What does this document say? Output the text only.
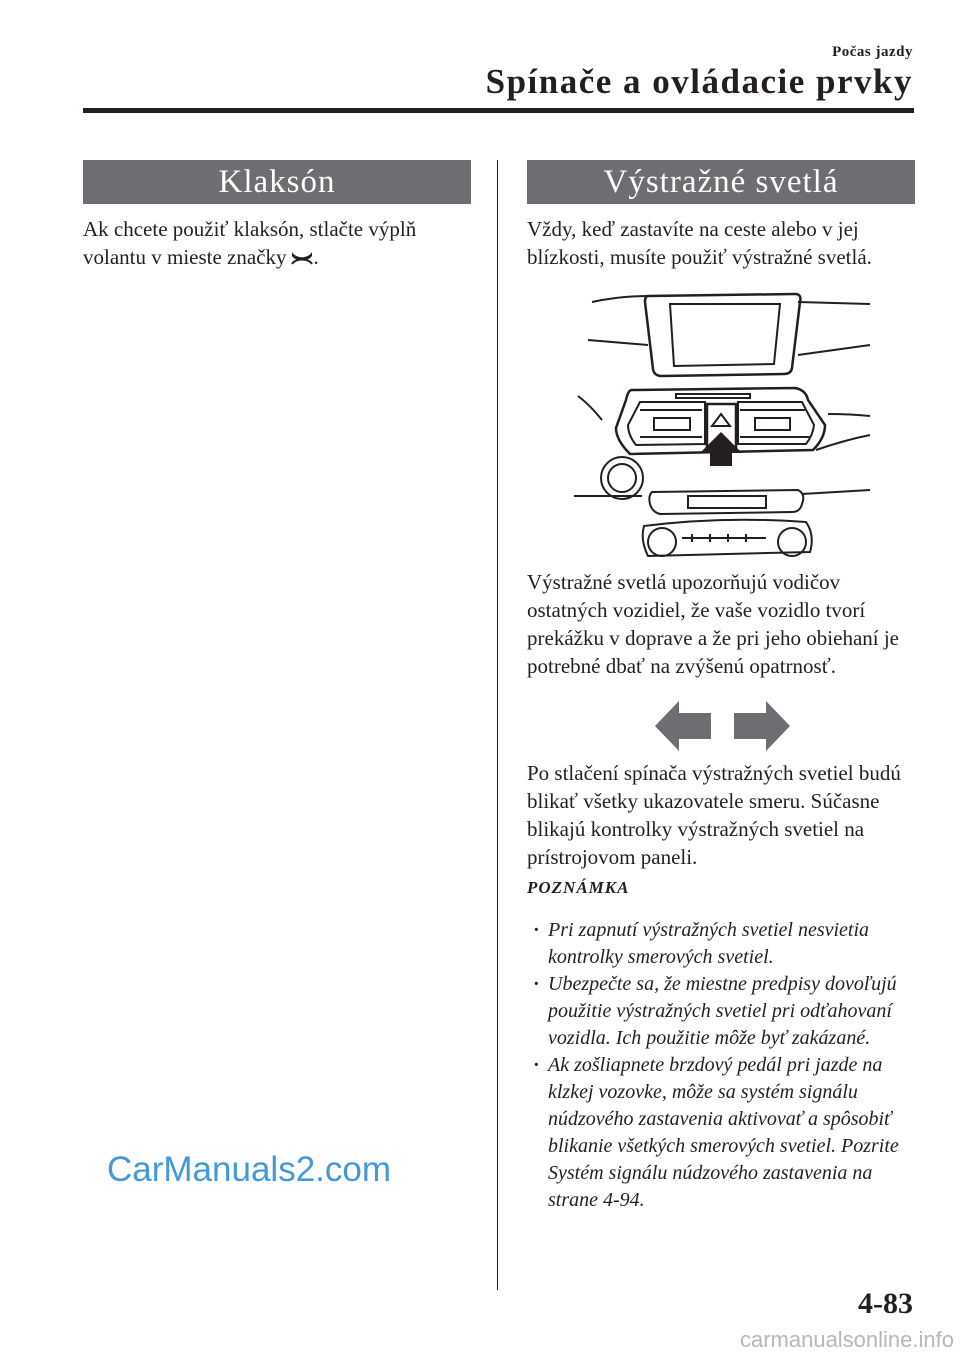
Počas jazdy
Spínače a ovládacie prvky
Klaksón

Ak chcete použiť klaksón, stlačte výplň volantu v mieste značky .

Výstražné svetlá

Vždy, keď zastavíte na ceste alebo v jej blízkosti, musíte použiť výstražné svetlá.

Výstražné svetlá upozorňujú vodičov ostatných vozidiel, že vaše vozidlo tvorí prekážku v doprave a že pri jeho obiehaní je potrebné dbať na zvýšenú opatrnosť.

Po stlačení spínača výstražných svetiel budú blikať všetky ukazovatele smeru. Súčasne blikajú kontrolky výstražných svetiel na prístrojovom paneli.

POZNÁMKA
· Pri zapnutí výstražných svetiel nesvietia kontrolky smerových svetiel.
· Ubezpečte sa, že miestne predpisy dovoľujú použitie výstražných svetiel pri odťahovaní vozidla. Ich použitie môže byť zakázané.
· Ak zošliapnete brzdový pedál pri jazde na klzkej vozovke, môže sa systém signálu núdzového zastavenia aktivovať a spôsobiť blikanie všetkých smerových svetiel. Pozrite Systém signálu núdzového zastavenia na strane 4-94.
4-83
CarManuals2.com
carmanualsonline.info
